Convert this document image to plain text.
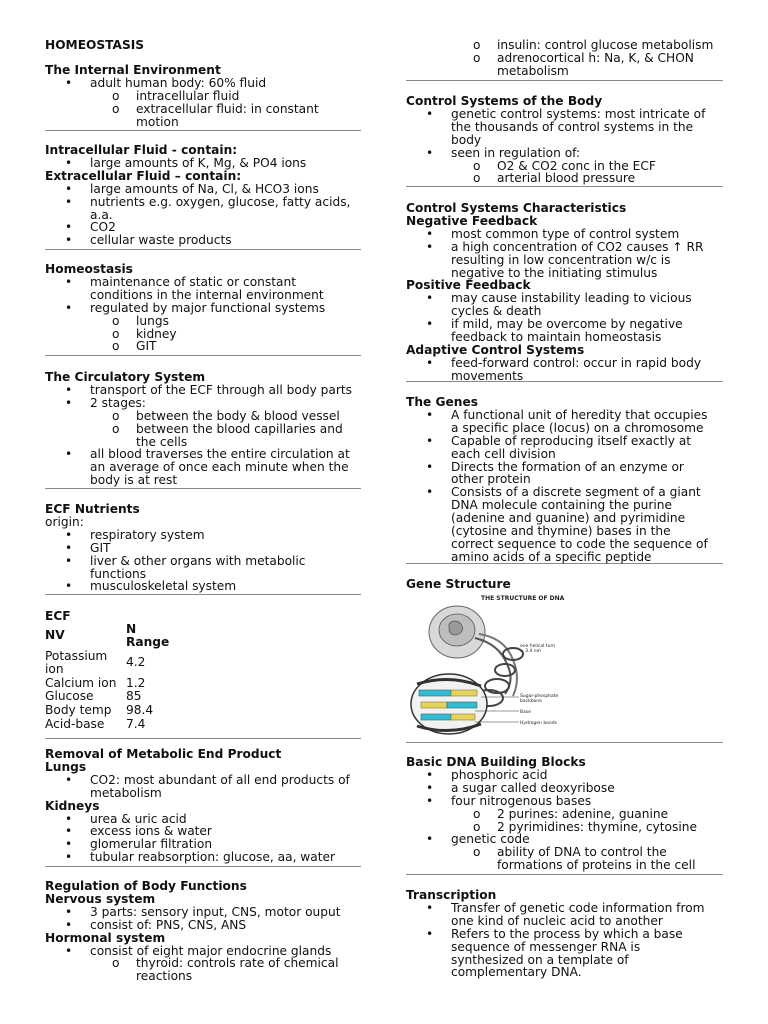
HOMEOSTASIS
The Internal Environment
• adult human body: 60% fluid
o intracellular fluid
o extracellular fluid: in constant
motion
Intracellular Fluid - contain:
• large amounts of K, Mg, & PO4 ions
Extracellular Fluid – contain:
• large amounts of Na, Cl, & HCO3 ions
• nutrients e.g. oxygen, glucose, fatty acids,
a.a.
• CO2
• cellular waste products
Homeostasis
• maintenance of static or constant
conditions in the internal environment
• regulated by major functional systems
o lungs
o kidney
o GIT
The Circulatory System
• transport of the ECF through all body parts
• 2 stages:
o between the body & blood vessel
o between the blood capillaries and
the cells
• all blood traverses the entire circulation at
an average of once each minute when the
body is at rest
ECF Nutrients
origin:
• respiratory system
• GIT
• liver & other organs with metabolic
functions
• musculoskeletal system
ECF
NV	N
Range
Potassium
ion	4.2
Calcium ion	1.2
Glucose	85
Body temp	98.4
Acid-base	7.4
Removal of Metabolic End Product
Lungs
• CO2: most abundant of all end products of
metabolism
Kidneys
• urea & uric acid
• excess ions & water
• glomerular filtration
• tubular reabsorption: glucose, aa, water
Regulation of Body Functions
Nervous system
• 3 parts: sensory input, CNS, motor ouput
• consist of: PNS, CNS, ANS
Hormonal system
• consist of eight major endocrine glands
o thyroid: controls rate of chemical
reactions
o insulin: control glucose metabolism
o adrenocortical h: Na, K, & CHON
metabolism
Control Systems of the Body
• genetic control systems: most intricate of
the thousands of control systems in the
body
• seen in regulation of:
o O2 & CO2 conc in the ECF
o arterial blood pressure
Control Systems Characteristics
Negative Feedback
• most common type of control system
• a high concentration of CO2 causes ↑ RR
resulting in low concentration w/c is
negative to the initiating stimulus
Positive Feedback
• may cause instability leading to vicious
cycles & death
• if mild, may be overcome by negative
feedback to maintain homeostasis
Adaptive Control Systems
• feed-forward control: occur in rapid body
movements
The Genes
• A functional unit of heredity that occupies
a specific place (locus) on a chromosome
• Capable of reproducing itself exactly at
each cell division
• Directs the formation of an enzyme or
other protein
• Consists of a discrete segment of a giant
DNA molecule containing the purine
(adenine and guanine) and pyrimidine
(cytosine and thymine) bases in the
correct sequence to code the sequence of
amino acids of a specific peptide
Gene Structure
THE STRUCTURE OF DNA
one helical turn
= 3.4 nm
Sugar-phosphate
backbone
Base
Hydrogen bonds
Basic DNA Building Blocks
• phosphoric acid
• a sugar called deoxyribose
• four nitrogenous bases
o 2 purines: adenine, guanine
o 2 pyrimidines: thymine, cytosine
• genetic code
o ability of DNA to control the
formations of proteins in the cell
Transcription
• Transfer of genetic code information from
one kind of nucleic acid to another
• Refers to the process by which a base
sequence of messenger RNA is
synthesized on a template of
complementary DNA.
